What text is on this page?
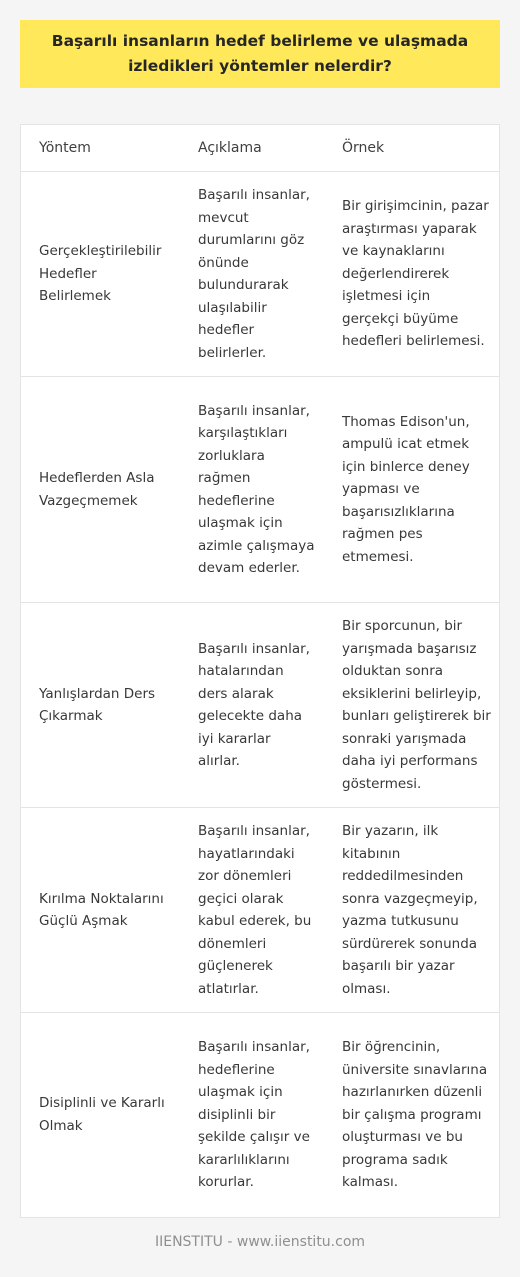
Başarılı insanların hedef belirleme ve ulaşmada izledikleri yöntemler nelerdir?
Yöntem	Açıklama	Örnek
Gerçekleştirilebilir Hedefler Belirlemek	Başarılı insanlar, mevcut durumlarını göz önünde bulundurarak ulaşılabilir hedefler belirlerler.	Bir girişimcinin, pazar araştırması yaparak ve kaynaklarını değerlendirerek işletmesi için gerçekçi büyüme hedefleri belirlemesi.
Hedeflerden Asla Vazgeçmemek	Başarılı insanlar, karşılaştıkları zorluklara rağmen hedeflerine ulaşmak için azimle çalışmaya devam ederler.	Thomas Edison'un, ampulü icat etmek için binlerce deney yapması ve başarısızlıklarına rağmen pes etmemesi.
Yanlışlardan Ders Çıkarmak	Başarılı insanlar, hatalarından ders alarak gelecekte daha iyi kararlar alırlar.	Bir sporcunun, bir yarışmada başarısız olduktan sonra eksiklerini belirleyip, bunları geliştirerek bir sonraki yarışmada daha iyi performans göstermesi.
Kırılma Noktalarını Güçlü Aşmak	Başarılı insanlar, hayatlarındaki zor dönemleri geçici olarak kabul ederek, bu dönemleri güçlenerek atlatırlar.	Bir yazarın, ilk kitabının reddedilmesinden sonra vazgeçmeyip, yazma tutkusunu sürdürerek sonunda başarılı bir yazar olması.
Disiplinli ve Kararlı Olmak	Başarılı insanlar, hedeflerine ulaşmak için disiplinli bir şekilde çalışır ve kararlılıklarını korurlar.	Bir öğrencinin, üniversite sınavlarına hazırlanırken düzenli bir çalışma programı oluşturması ve bu programa sadık kalması.
IIENSTITU - www.iienstitu.com
